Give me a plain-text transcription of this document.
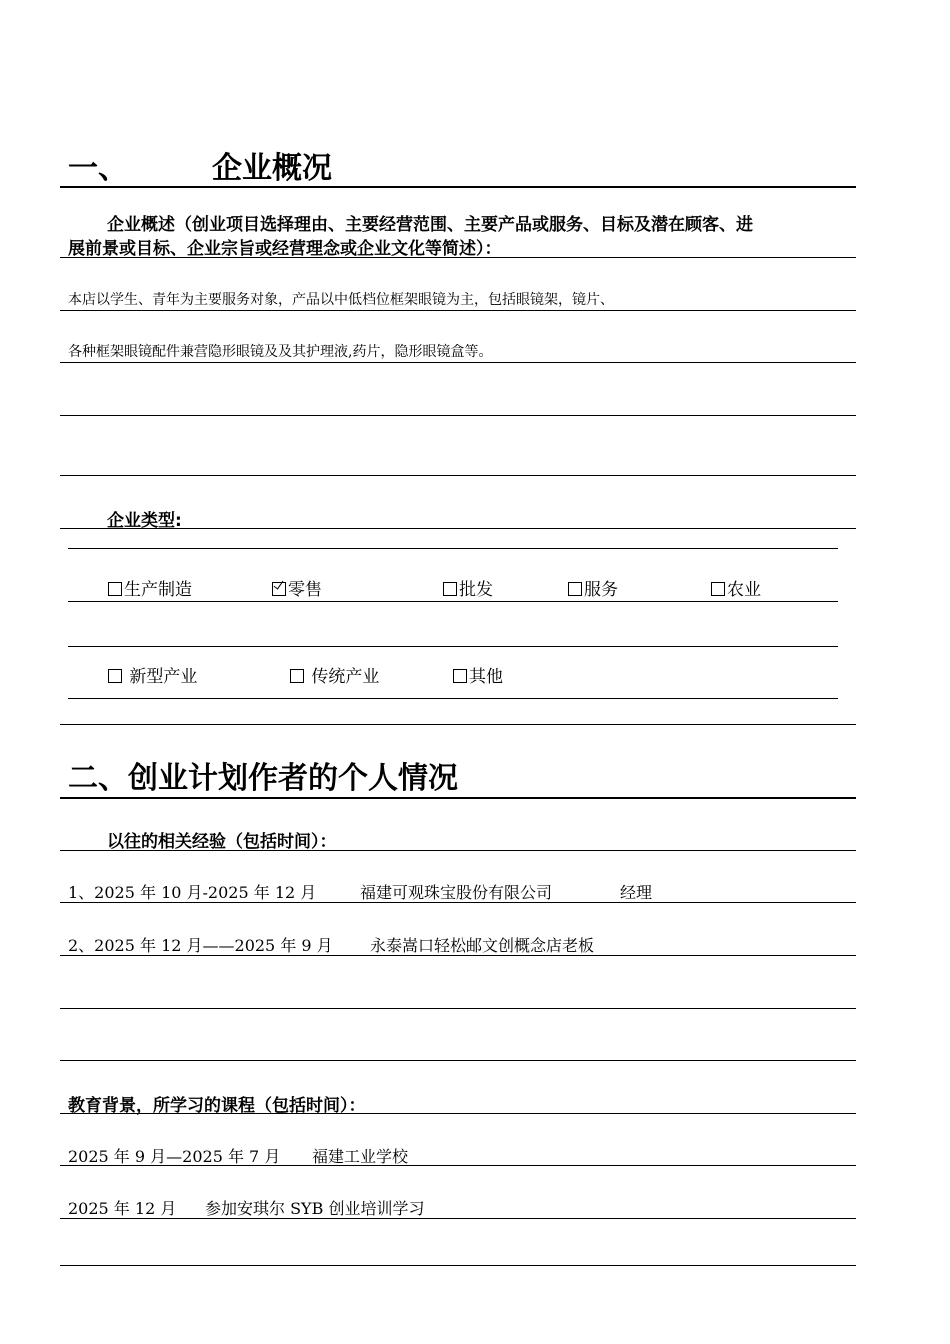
一、	企业概况
企业概述（创业项目选择理由、主要经营范围、主要产品或服务、目标及潜在顾客、进
展前景或目标、企业宗旨或经营理念或企业文化等简述）：
本店以学生、青年为主要服务对象，产品以中低档位框架眼镜为主，包括眼镜架，镜片、
各种框架眼镜配件兼营隐形眼镜及及其护理液,药片，隐形眼镜盒等。
企业类型:
生产制造	零售	批发	服务	农业
新型产业	传统产业	其他
二、创业计划作者的个人情况
以往的相关经验（包括时间）：
1、2025 年 10 月-2025 年 12 月	福建可观珠宝股份有限公司	经理
2、2025 年 12 月——2025 年 9 月 永泰嵩口轻松邮文创概念店老板
教育背景，所学习的课程（包括时间）：
2025 年 9 月—2025 年 7 月 福建工业学校
2025 年 12 月 参加安琪尔 SYB 创业培训学习
